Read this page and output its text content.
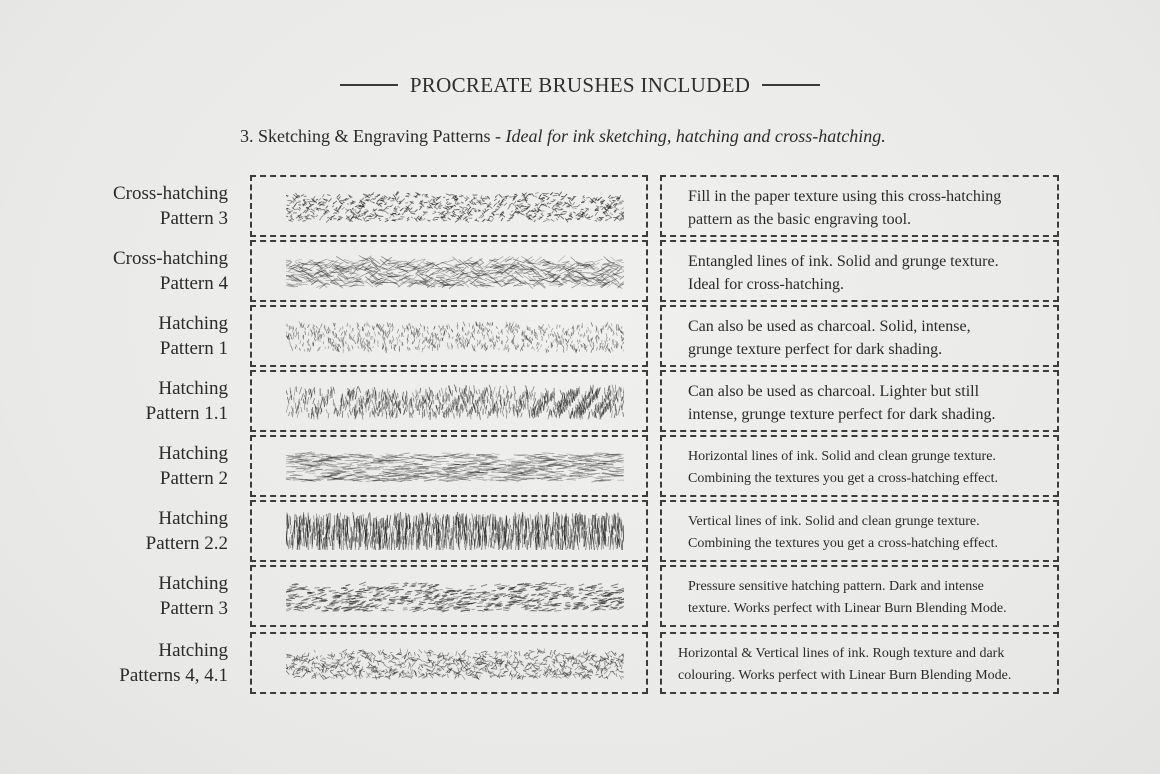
PROCREATE BRUSHES INCLUDED
3. Sketching & Engraving Patterns - Ideal for ink sketching, hatching and cross-hatching.
Cross-hatching
Pattern 3
Fill in the paper texture using this cross-hatching
pattern as the basic engraving tool.
Cross-hatching
Pattern 4
Entangled lines of ink. Solid and grunge texture.
Ideal for cross-hatching.
Hatching
Pattern 1
Can also be used as charcoal. Solid, intense,
grunge texture perfect for dark shading.
Hatching
Pattern 1.1
Can also be used as charcoal. Lighter but still
intense, grunge texture perfect for dark shading.
Hatching
Pattern 2
Horizontal lines of ink. Solid and clean grunge texture.
Combining the textures you get a cross-hatching effect.
Hatching
Pattern 2.2
Vertical lines of ink. Solid and clean grunge texture.
Combining the textures you get a cross-hatching effect.
Hatching
Pattern 3
Pressure sensitive hatching pattern. Dark and intense
texture. Works perfect with Linear Burn Blending Mode.
Hatching
Patterns 4, 4.1
Horizontal & Vertical lines of ink. Rough texture and dark
colouring. Works perfect with Linear Burn Blending Mode.
